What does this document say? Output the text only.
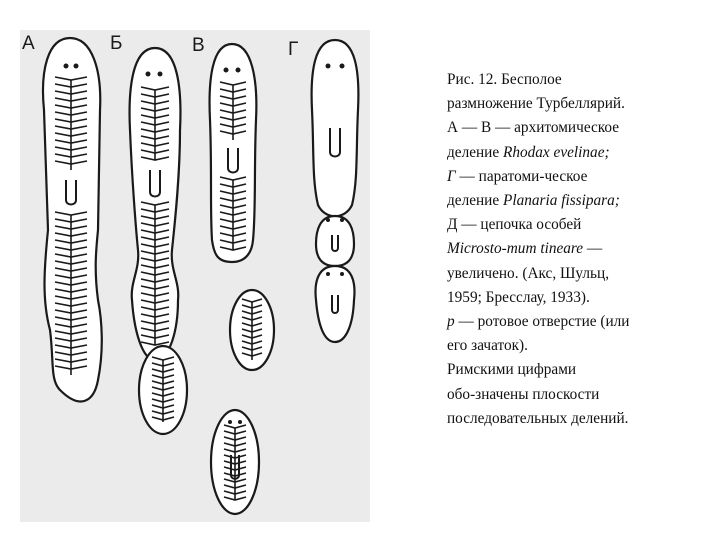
А	Б	В	Г
Рис. 12. Бесполое
размножение Турбеллярий.
А — В — архитомическое
деление Rhodax evelinae;
Г — паратоми-ческое
деление Planaria fissipara;
Д — цепочка особей
Microsto-mum tineare —
увеличено. (Акс, Шульц,
1959; Бресслау, 1933).
p — ротовое отверстие (или
его зачаток).
Римскими цифрами
обо-значены плоскости
последовательных делений.
